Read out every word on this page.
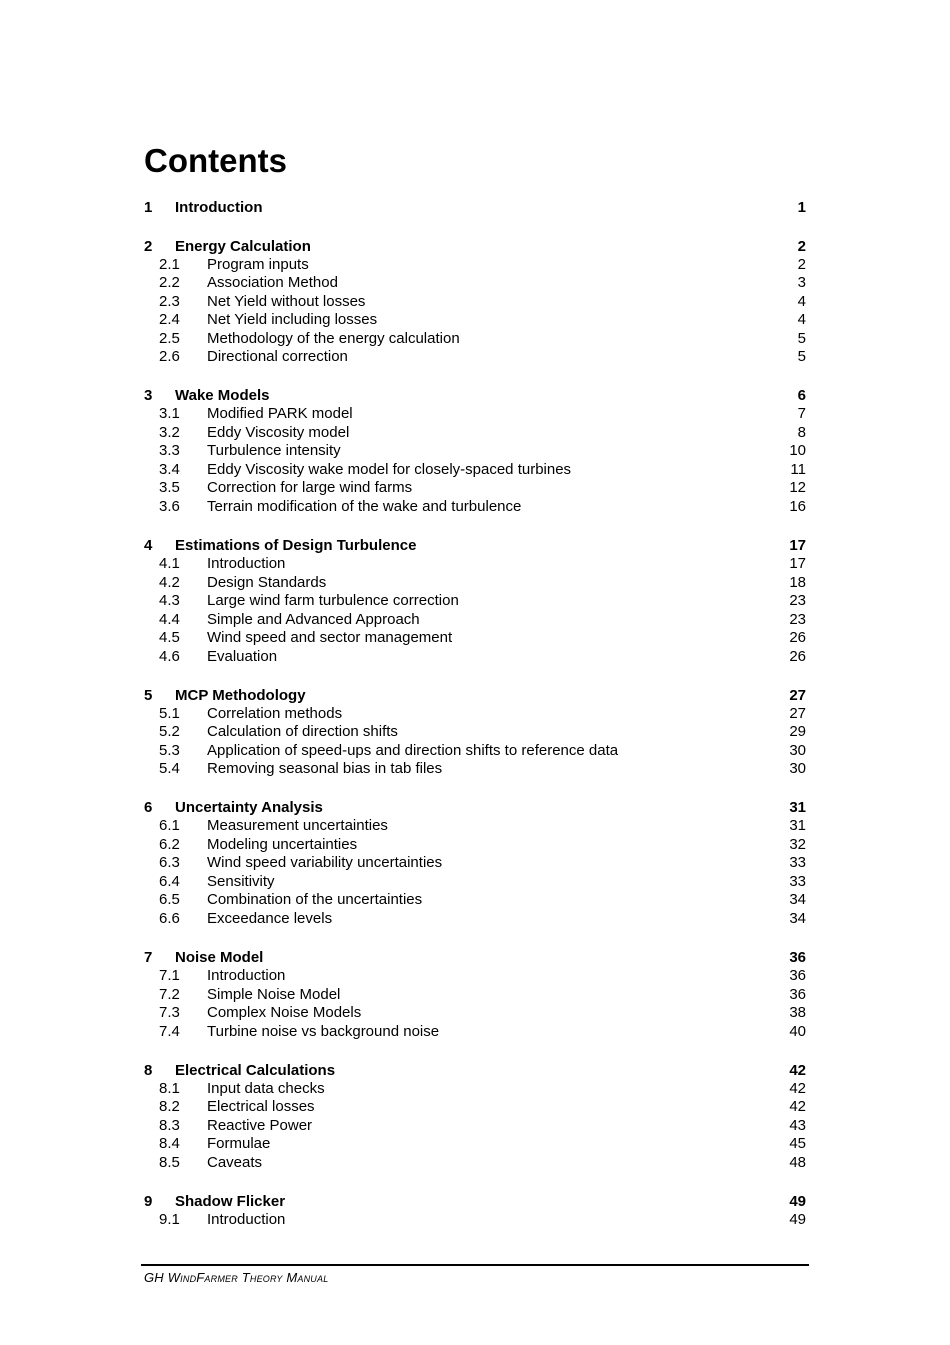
Contents
1 Introduction	1
2 Energy Calculation	2
2.1 Program inputs	2
2.2 Association Method	3
2.3 Net Yield without losses	4
2.4 Net Yield including losses	4
2.5 Methodology of the energy calculation	5
2.6 Directional correction	5
3 Wake Models	6
3.1 Modified PARK model	7
3.2 Eddy Viscosity model	8
3.3 Turbulence intensity	10
3.4 Eddy Viscosity wake model for closely-spaced turbines	11
3.5 Correction for large wind farms	12
3.6 Terrain modification of the wake and turbulence	16
4 Estimations of Design Turbulence	17
4.1 Introduction	17
4.2 Design Standards	18
4.3 Large wind farm turbulence correction	23
4.4 Simple and Advanced Approach	23
4.5 Wind speed and sector management	26
4.6 Evaluation	26
5 MCP Methodology	27
5.1 Correlation methods	27
5.2 Calculation of direction shifts	29
5.3 Application of speed-ups and direction shifts to reference data	30
5.4 Removing seasonal bias in tab files	30
6 Uncertainty Analysis	31
6.1 Measurement uncertainties	31
6.2 Modeling uncertainties	32
6.3 Wind speed variability uncertainties	33
6.4 Sensitivity	33
6.5 Combination of the uncertainties	34
6.6 Exceedance levels	34
7 Noise Model	36
7.1 Introduction	36
7.2 Simple Noise Model	36
7.3 Complex Noise Models	38
7.4 Turbine noise vs background noise	40
8 Electrical Calculations	42
8.1 Input data checks	42
8.2 Electrical losses	42
8.3 Reactive Power	43
8.4 Formulae	45
8.5 Caveats	48
9 Shadow Flicker	49
9.1 Introduction	49
GH WindFarmer Theory Manual
